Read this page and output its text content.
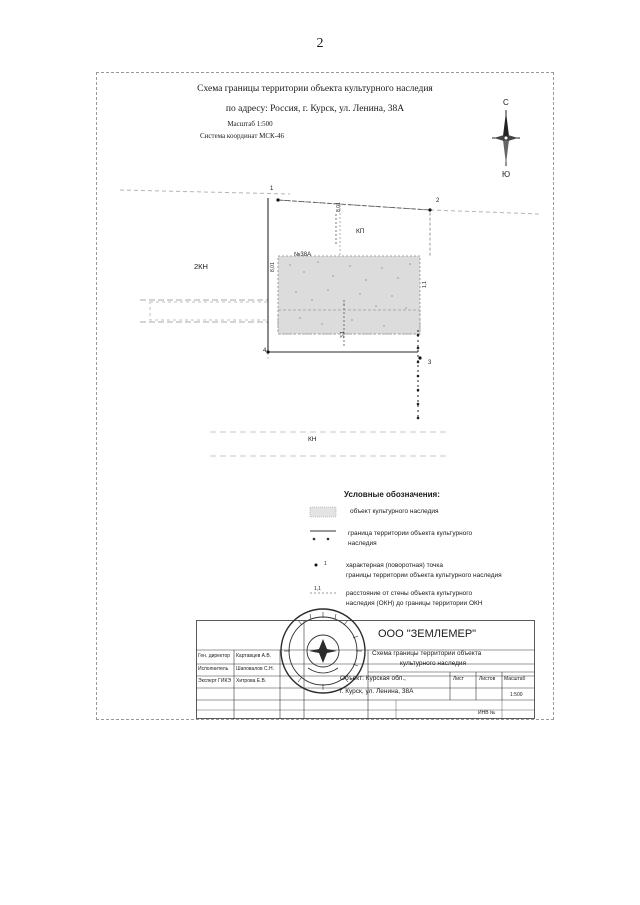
2
Схема границы территории объекта культурного наследия
по адресу: Россия, г. Курск, ул. Ленина, 38А
Масштаб 1:500
Система координат МСК-46
С
Ю
1
2
3
4
2КН
КП
КН
№38А
8,01
8,01
3,1
1,1
Условные обозначения:
1
1,1
объект культурного наследия
граница территории объекта культурного
наследия
характерная (поворотная) точка
границы территории объекта культурного наследия
расстояние от стены объекта культурного
наследия (ОКН) до границы территории ОКН
ООО "ЗЕМЛЕМЕР"
Схема границы территории объекта
культурного наследия
Ген. директор Картавцев А.В.
Исполнитель Шаповалов С.Н.
Эксперт ГИКЭ Хитрова Е.В.	Объект: Курская обл.,
г. Курск, ул. Ленина, 38А
Лист	Листов Масштаб
1:500
ИНВ №
